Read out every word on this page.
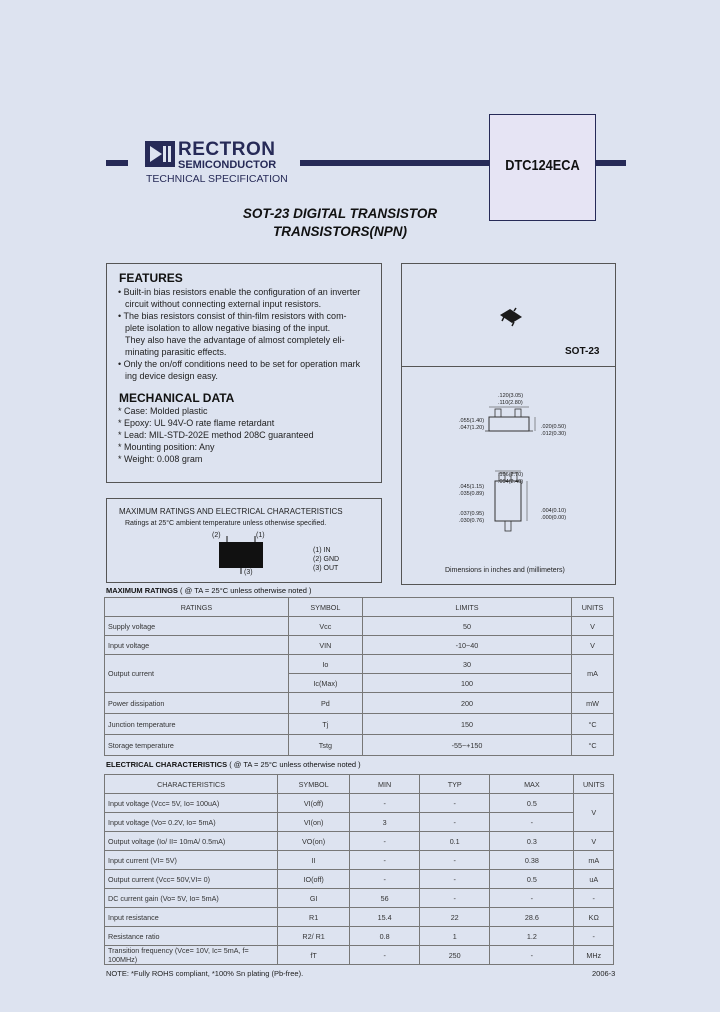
RECTRON
SEMICONDUCTOR
TECHNICAL SPECIFICATION
DTC124ECA
SOT-23 DIGITAL TRANSISTOR
TRANSISTORS(NPN)
FEATURES
• Built-in bias resistors enable the configuration of an inverter
circuit without connecting external input resistors.
• The bias resistors consist of thin-film resistors with com-
plete isolation to allow negative biasing of the input.
They also have the advantage of almost completely eli-
minating parasitic effects.
• Only the on/off conditions need to be set for operation mark
ing device design easy.
MECHANICAL DATA
* Case: Molded plastic
* Epoxy: UL 94V-O rate flame retardant
* Lead: MIL-STD-202E method 208C guaranteed
* Mounting position: Any
* Weight: 0.008 gram
SOT-23
.120(3.05)
.110(2.80)
.055(1.40)
.047(1.20)	.020(0.50)
.012(0.30)
.106(2.70)
.094(2.40)
.045(1.15)
.035(0.89)
.004(0.10)
.000(0.00)
.037(0.95)
.030(0.76)
Dimensions in inches and (millimeters)
MAXIMUM RATINGS AND ELECTRICAL CHARACTERISTICS
Ratings at 25°C ambient temperature unless otherwise specified.
(2)	(1)
(3)
(1) IN
(2) GND
(3) OUT
MAXIMUM RATINGS ( @ TA = 25°C unless otherwise noted )
RATINGS	SYMBOL	LIMITS	UNITS
Supply voltage	Vcc	50	V
Input voltage	VIN	-10~40	V
Output current	Io	30	mA
	Ic(Max)	100	
Power dissipation	Pd	200	mW
Junction temperature	Tj	150	°C
Storage temperature	Tstg	-55~+150	°C
ELECTRICAL CHARACTERISTICS ( @ TA = 25°C unless otherwise noted )
CHARACTERISTICS	SYMBOL	MIN	TYP	MAX	UNITS
Input voltage (Vcc= 5V, Io= 100uA)	VI(off)	-	-	0.5	V
Input voltage (Vo= 0.2V, Io= 5mA)	VI(on)	3	-	-	
Output voltage (Io/ II= 10mA/ 0.5mA)	VO(on)	-	0.1	0.3	V
Input current (VI= 5V)	II	-	-	0.38	mA
Output current (Vcc= 50V,VI= 0)	IO(off)	-	-	0.5	uA
DC current gain (Vo= 5V, Io= 5mA)	GI	56	-	-	-
Input resistance	R1	15.4	22	28.6	KΩ
Resistance ratio	R2/ R1	0.8	1	1.2	-
Transition frequency (Vce= 10V, Ic= 5mA, f= 100MHz)	fT	-	250	-	MHz
NOTE: *Fully ROHS compliant, *100% Sn plating (Pb-free).	2006-3
